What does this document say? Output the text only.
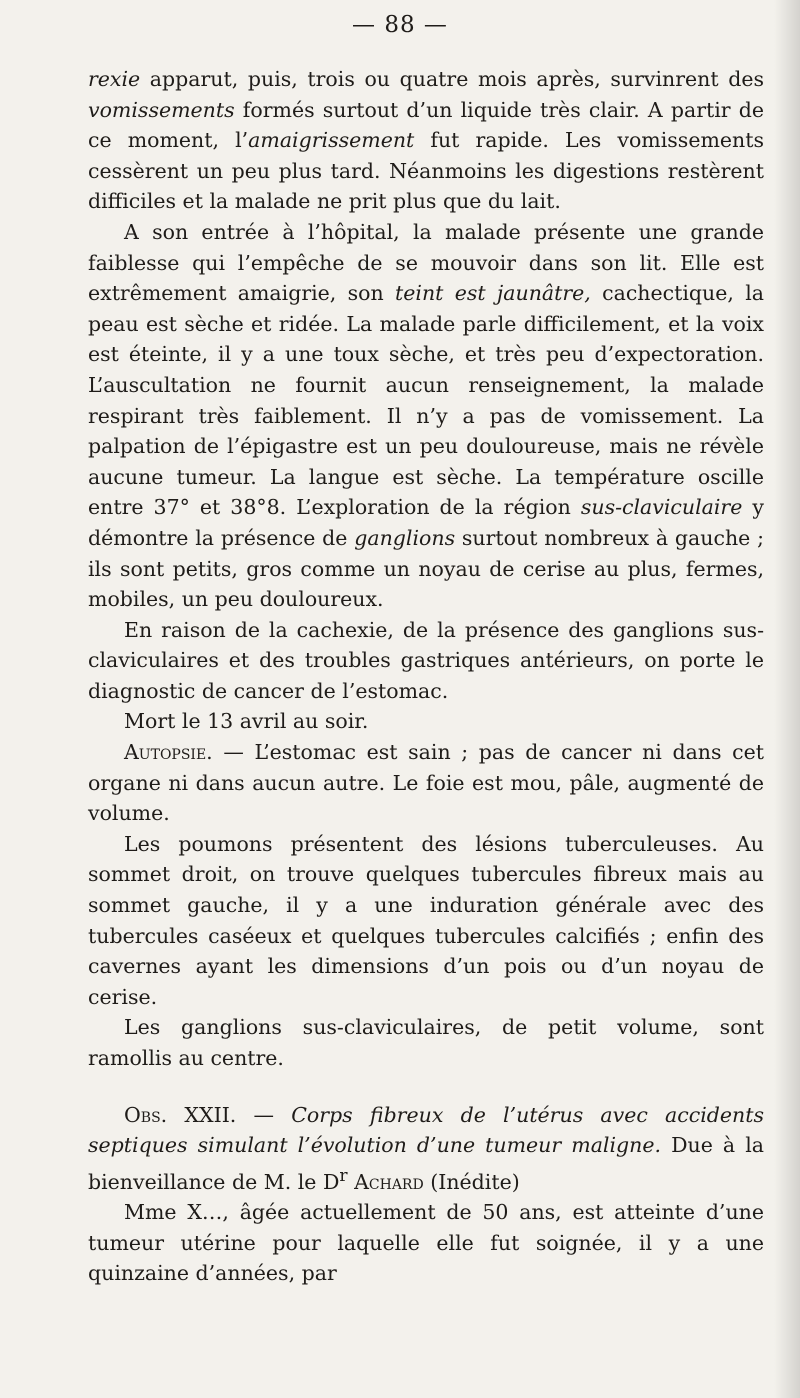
— 88 —

rexie apparut, puis, trois ou quatre mois après, survinrent des vomissements formés surtout d’un liquide très clair. A partir de ce moment, l’amaigrissement fut rapide. Les vomissements cessèrent un peu plus tard. Néanmoins les digestions restèrent difficiles et la malade ne prit plus que du lait.

A son entrée à l’hôpital, la malade présente une grande faiblesse qui l’empêche de se mouvoir dans son lit. Elle est extrêmement amaigrie, son teint est jaunâtre, cachectique, la peau est sèche et ridée. La malade parle difficilement, et la voix est éteinte, il y a une toux sèche, et très peu d’expectoration. L’auscultation ne fournit aucun renseignement, la malade respirant très faiblement. Il n’y a pas de vomissement. La palpation de l’épigastre est un peu douloureuse, mais ne révèle aucune tumeur. La langue est sèche. La température oscille entre 37° et 38°8. L’exploration de la région sus-claviculaire y démontre la présence de ganglions surtout nombreux à gauche ; ils sont petits, gros comme un noyau de cerise au plus, fermes, mobiles, un peu douloureux.

En raison de la cachexie, de la présence des ganglions sus-claviculaires et des troubles gastriques antérieurs, on porte le diagnostic de cancer de l’estomac.

Mort le 13 avril au soir.

Autopsie. — L’estomac est sain ; pas de cancer ni dans cet organe ni dans aucun autre. Le foie est mou, pâle, augmenté de volume.

Les poumons présentent des lésions tuberculeuses. Au sommet droit, on trouve quelques tubercules fibreux mais au sommet gauche, il y a une induration générale avec des tubercules caséeux et quelques tubercules calcifiés ; enfin des cavernes ayant les dimensions d’un pois ou d’un noyau de cerise.

Les ganglions sus-claviculaires, de petit volume, sont ramollis au centre.

Obs. XXII. — Corps fibreux de l’utérus avec accidents septiques simulant l’évolution d’une tumeur maligne. Due à la bienveillance de M. le $D^r$ Achard (Inédite)

Mme X…, âgée actuellement de 50 ans, est atteinte d’une tumeur utérine pour laquelle elle fut soignée, il y a une quinzaine d’années, par
